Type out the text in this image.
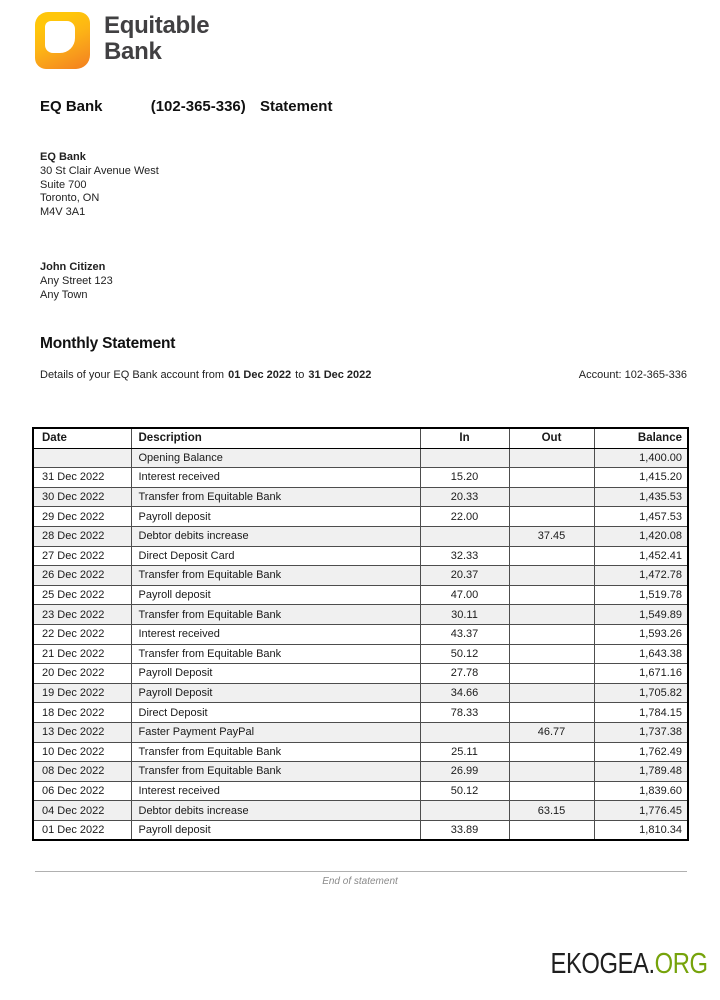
Equitable
Bank
EQ Bank	(102-365-336) Statement
EQ Bank
30 St Clair Avenue West
Suite 700
Toronto, ON
M4V 3A1
John Citizen
Any Street 123
Any Town
Monthly Statement
Details of your EQ Bank account from 01 Dec 2022 to 31 Dec 2022	Account: 102-365-336
Date	Description	In	Out	Balance
	Opening Balance			1,400.00
31 Dec 2022	Interest received	15.20		1,415.20
30 Dec 2022	Transfer from Equitable Bank	20.33		1,435.53
29 Dec 2022	Payroll deposit	22.00		1,457.53
28 Dec 2022	Debtor debits increase		37.45	1,420.08
27 Dec 2022	Direct Deposit Card	32.33		1,452.41
26 Dec 2022	Transfer from Equitable Bank	20.37		1,472.78
25 Dec 2022	Payroll deposit	47.00		1,519.78
23 Dec 2022	Transfer from Equitable Bank	30.11		1,549.89
22 Dec 2022	Interest received	43.37		1,593.26
21 Dec 2022	Transfer from Equitable Bank	50.12		1,643.38
20 Dec 2022	Payroll Deposit	27.78		1,671.16
19 Dec 2022	Payroll Deposit	34.66		1,705.82
18 Dec 2022	Direct Deposit	78.33		1,784.15
13 Dec 2022	Faster Payment PayPal		46.77	1,737.38
10 Dec 2022	Transfer from Equitable Bank	25.11		1,762.49
08 Dec 2022	Transfer from Equitable Bank	26.99		1,789.48
06 Dec 2022	Interest received	50.12		1,839.60
04 Dec 2022	Debtor debits increase		63.15	1,776.45
01 Dec 2022	Payroll deposit	33.89		1,810.34
End of statement
EKOGEA.ORG
